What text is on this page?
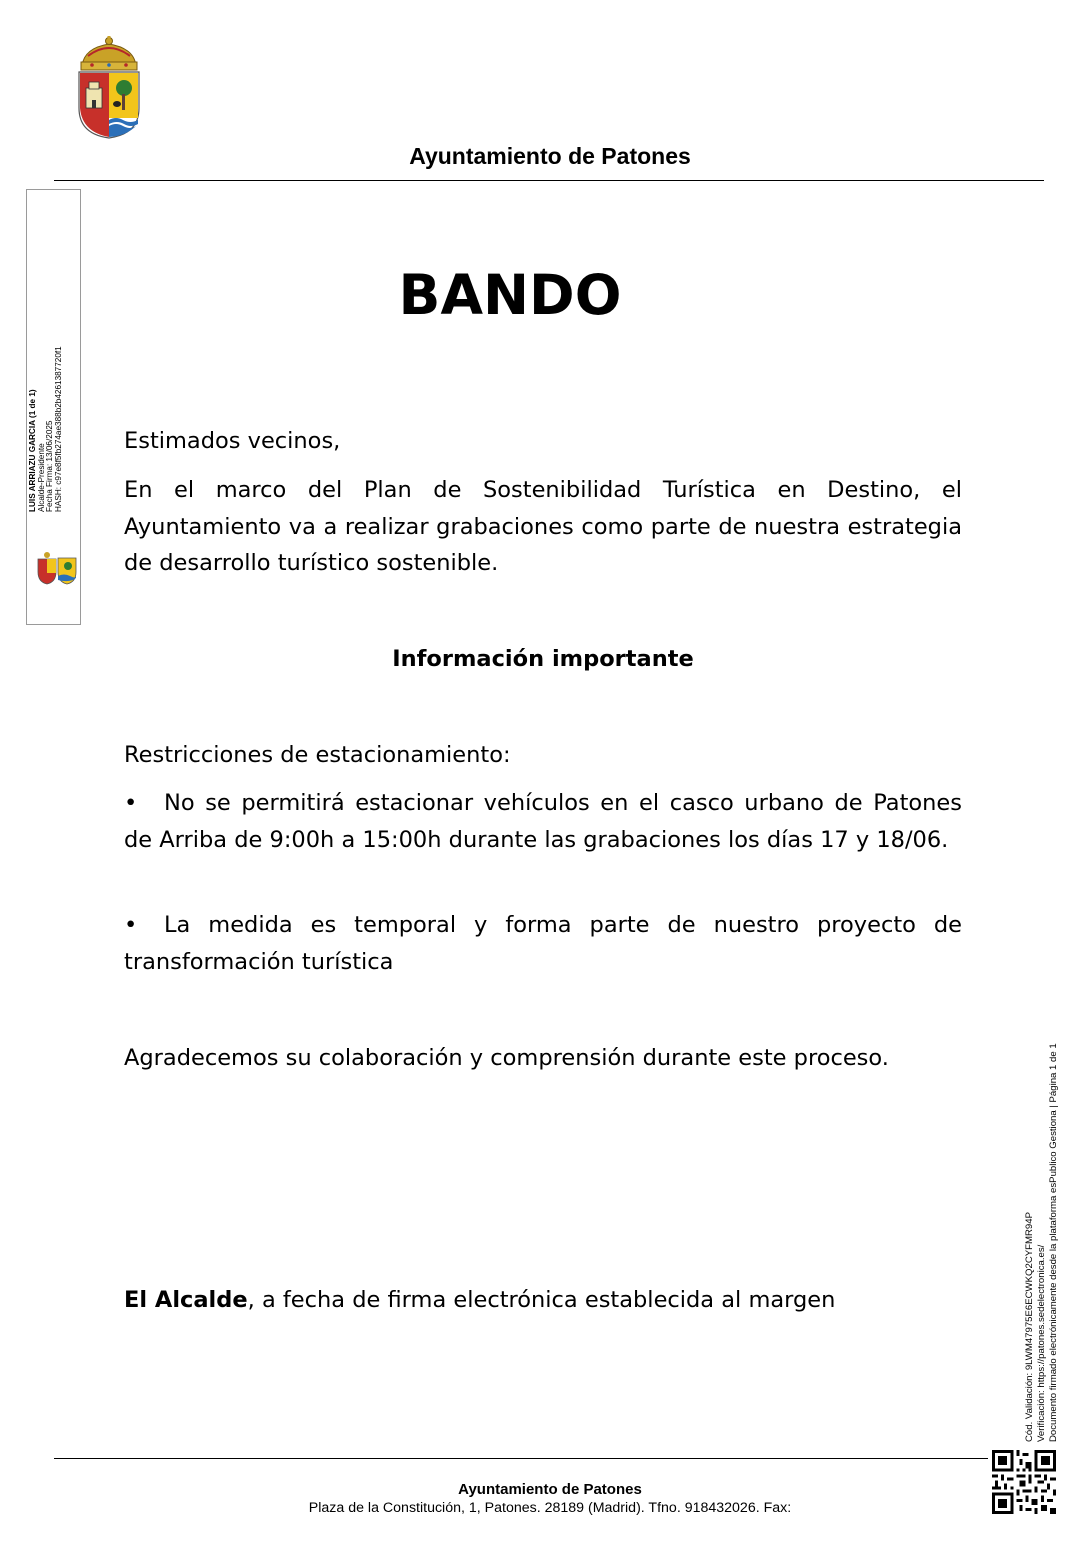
Ayuntamiento de Patones
LUIS ARRIAZU GARCIA (1 de 1) Alcalde-Presidente Fecha Firma: 13/06/2025 HASH: c97e8f5fb274ae388b2b4261387720f1
BANDO

Estimados vecinos,

En el marco del Plan de Sostenibilidad Turística en Destino, el Ayuntamiento va a realizar grabaciones como parte de nuestra estrategia de desarrollo turístico sostenible.

Información importante

Restricciones de estacionamiento:

• No se permitirá estacionar vehículos en el casco urbano de Patones de Arriba de 9:00h a 15:00h durante las grabaciones los días 17 y 18/06.

• La medida es temporal y forma parte de nuestro proyecto de transformación turística

Agradecemos su colaboración y comprensión durante este proceso.

El Alcalde, a fecha de firma electrónica establecida al margen	Cód. Validación: 9LWM47975E6ECWKQ2CYFMR94P Verificación: https://patones.sedelectronica.es/ Documento firmado electrónicamente desde la plataforma esPublico Gestiona | Página 1 de 1
Ayuntamiento de Patones
Plaza de la Constitución, 1, Patones. 28189 (Madrid). Tfno. 918432026. Fax:
